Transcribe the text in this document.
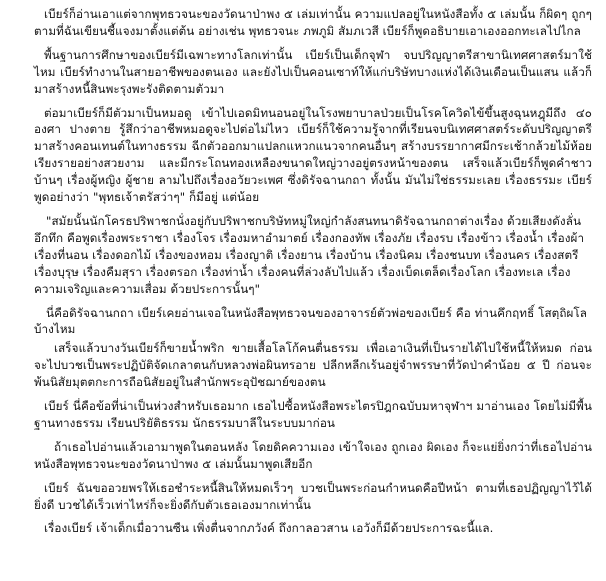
เบียร์ก็อ่านเอาแต่จากพุทธวจนะของวัดนาป่าพง ๕ เล่มเท่านั้น ความแปลอยู่ในหนังสือทั้ง ๕ เล่มนั้น ก็ผิดๆ ถูกๆ ตามที่ฉันเขียนชี้แจงมาตั้งแต่ต้น อย่างเช่น พุทธวจนะ ภพภูมิ สัมภเวสี เบียร์ก็พูดอธิบายเอาเองออกทะเลไปไกล

พื้นฐานการศึกษาของเบียร์มีเฉพาะทางโลกเท่านั้น เบียร์เป็นเด็กจุฬา จบปริญญาตรีสาขานิเทศศาสตร์มาใช้ไหม เบียร์ทำงานในสายอาชีพของตนเอง และยังไปเป็นคอนเซาท์ให้แก่บริษัทบางแห่งได้เงินเดือนเป็นแสน แล้วก็มาสร้างหนี้สินพะรุงพะรังติดตามตัวมา

ต่อมาเบียร์ก็มีตัวมาเป็นหมอดู เข้าไปเอดมิทนอนอยู่ในโรงพยาบาลป่วยเป็นโรคโควิดไข้ขึ้นสูงฉุนหฎุมีถึง ๔๐ องศา ปางตาย รู้สึกว่าอาชีพหมอดูจะไปต่อไม่ไหว เบียร์ก็ใช้ความรู้จากที่เรียนจบนิเทศศาสตร์ระดับปริญญาตรีมาสร้างคอนเทนต์ในทางธรรม ฉีกตัวออกมาแปลกแหวกแนวจากคนอื่นๆ สร้างบรรยากาศมีกระเช้ากล้วยไม้ห้อยเรียงรายอย่างสวยงาม และมีกระโถนทองเหลืองขนาดใหญ่วางอยู่ตรงหน้าของตน เสร็จแล้วเบียร์ก็พูดคำชาวบ้านๆ เรื่องผู้หญิง ผู้ชาย ลามไปถึงเรื่องอวัยวะเพศ ซึ่งดิรัจฉานกถา ทั้งนั้น มันไม่ใช่ธรรมะเลย เรื่องธรรมะ เบียร์พูดอย่างว่า "พุทธเจ้าตรัสว่าๆ" ก็มีอยู่ แต่น้อย

"สมัยนั้นนักโครธปริพาชกนั่งอยู่กับปริพาชกบริษัทหมู่ใหญ่กำลังสนทนาดิรัจฉานกถาต่างเรื่อง ด้วยเสียงดังลั่นอึกทึก คือพูดเรื่องพระราชา เรื่องโจร เรื่องมหาอำมาตย์ เรื่องกองทัพ เรื่องภัย เรื่องรบ เรื่องข้าว เรื่องน้ำ เรื่องผ้า เรื่องที่นอน เรื่องดอกไม้ เรื่องของหอม เรื่องญาติ เรื่องยาน เรื่องบ้าน เรื่องนิคม เรื่องชนบท เรื่องนคร เรื่องสตรี เรื่องบุรุษ เรื่องคืมสุรา เรื่องตรอก เรื่องท่าน้ำ เรื่องคนที่ล่วงลับไปแล้ว เรื่องเบ็ดเตล็ดเรื่องโลก เรื่องทะเล เรื่องความเจริญและความเสื่อม ด้วยประการนั้นๆ"

นี่คือดิรัจฉานกถา เบียร์เคยอ่านเจอในหนังสือพุทธวจนของอาจารย์ตัวพ่อของเบียร์ คือ ท่านคึกฤทธิ์ โสตฺถิผโล บ้างไหม

เสร็จแล้วบางวันเบียร์ก็ขายน้ำพริก ขายเสื้อโลโก้คนตื่นธรรม เพื่อเอาเงินที่เป็นรายได้ไปใช้หนี้ให้หมด ก่อนจะไปบวชเป็นพระปฏิบัติจัดเกลาตนกับหลวงพ่อผินทรอาย ปลีกหลีกเร้นอยู่จำพรรษาที่วัดป่าคำน้อย ๕ ปี ก่อนจะพ้นนิสัยมุตตกะการถือนิสัยอยู่ในสำนักพระอุปัชฌาย์ของตน

เบียร์ นี่คือข้อที่น่าเป็นห่วงสำหรับเธอมาก เธอไปซื้อหนังสือพระไตรปิฎกฉบับมหาจุฬาฯ มาอ่านเอง โดยไม่มีพื้นฐานทางธรรม เรียนปริยัติธรรม นักธรรมบาลีในระบบมาก่อน

ถ้าเธอไปอ่านแล้วเอามาพูดในตอนหลัง โดยดิคความเอง เข้าใจเอง ถูกเอง ผิดเอง ก็จะแย่ยิ่งกว่าที่เธอไปอ่านหนังสือพุทธวจนะของวัดนาป่าพง ๕ เล่มนั้นมาพูดเสียอีก

เบียร์ ฉันขออวยพรให้เธอชำระหนี้สินให้หมดเร็วๆ บวชเป็นพระก่อนกำหนดคือปีหน้า ตามที่เธอปฏิญญาไว้ได้ยิ่งดี บวชได้เร็วเท่าไหร่ก็จะยิ่งดีกับตัวเธอเองมากเท่านั้น

เรื่องเบียร์ เจ้าเด็กเมื่อวานซืน เพิ่งตื่นจากภวังค์ ถึงกาลอวสาน เอวังก็มีด้วยประการฉะนี้แล.
